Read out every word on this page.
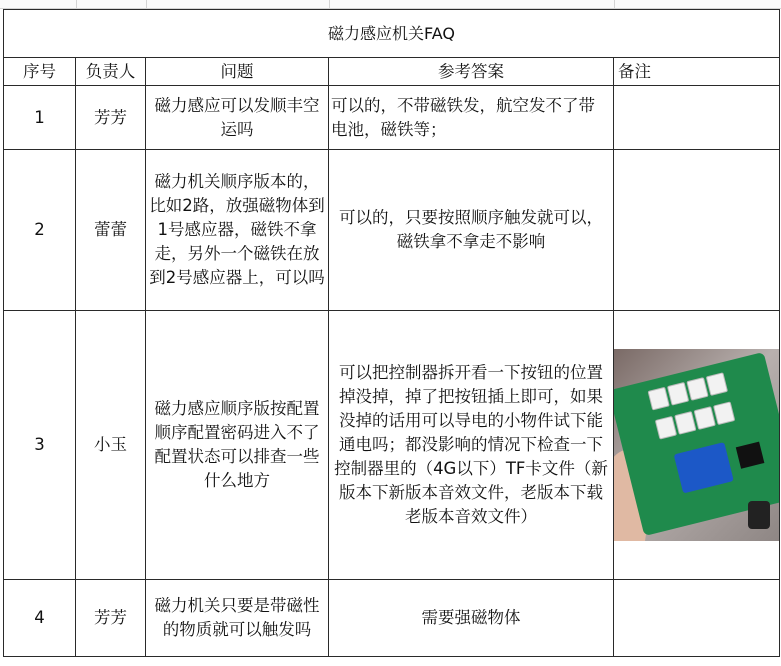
磁力感应机关FAQ				
序号	负责人	问题	参考答案	备注
1	芳芳	磁力感应可以发顺丰空运吗	可以的，不带磁铁发，航空发不了带电池，磁铁等；	
2	蕾蕾	磁力机关顺序版本的，比如2路，放强磁物体到1号感应器，磁铁不拿走，另外一个磁铁在放到2号感应器上，可以吗	可以的，只要按照顺序触发就可以，磁铁拿不拿走不影响	
3	小玉	磁力感应顺序版按配置顺序配置密码进入不了配置状态可以排查一些什么地方	可以把控制器拆开看一下按钮的位置掉没掉，掉了把按钮插上即可，如果没掉的话用可以导电的小物件试下能通电吗；都没影响的情况下检查一下控制器里的（4G以下）TF卡文件（新版本下新版本音效文件，老版本下载老版本音效文件）	

4	芳芳	磁力机关只要是带磁性的物质就可以触发吗	需要强磁物体	
